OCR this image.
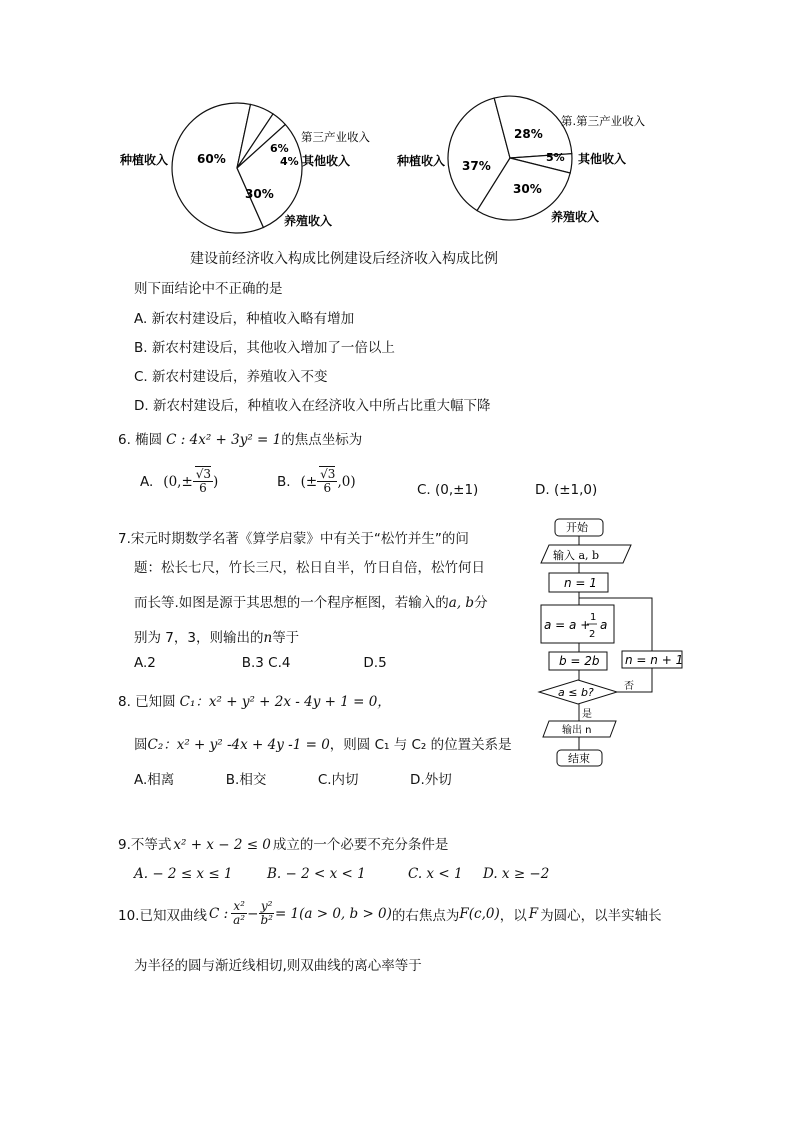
种植收入
第三产业收入
其他收入
养殖收入
60%
6%
4%
30%
种植收入
第.第三产业收入
其他收入
养殖收入
37%
28%
5%
30%
建设前经济收入构成比例建设后经济收入构成比例
则下面结论中不正确的是
A. 新农村建设后，种植收入略有增加
B. 新农村建设后，其他收入增加了一倍以上
C. 新农村建设后，养殖收入不变
D. 新农村建设后，种植收入在经济收入中所占比重大幅下降
6. 椭圆 C : 4x² + 3y² = 1的焦点坐标为
A. ($0,\pm \frac{√3}{6}$ )	B. (± $\frac{√3}{6} ,0$)
C. (0,±1)	D. (±1,0)
7.宋元时期数学名著《算学启蒙》中有关于“松竹并生”的问
题：松长七尺，竹长三尺，松日自半，竹日自倍，松竹何日
而长等.如图是源于其思想的一个程序框图，若输入的a, b分
别为 7，3，则输出的n等于
A.2                    B.3 C.4                 D.5
开始
输入 a, b
n = 1
a = a +
1
2
a
b = 2b n = n + 1
a ≤ b?	否
是
输出 n
结束
8. 已知圆 C₁：x² + y² + 2x - 4y + 1 = 0，
圆C₂：x² + y² -4x + 4y -1 = 0，则圆 C₁ 与 C₂ 的位置关系是
A.相离            B.相交            C.内切            D.外切
9.不等式 x² + x − 2 ≤ 0 成立的一个必要不充分条件是
A. − 2 ≤ x ≤ 1	B. − 2 < x < 1	C. x < 1 D. x ≥ −2
10.已知双曲线 C : $\frac{\text{x²}}{\text{a²}} - \frac{\text{y²}}{\text{b²}} = 1(a > 0$, b > 0) 的右焦点为 F(c,0) ，以 F 为圆心，以半实轴长
为半径的圆与渐近线相切,则双曲线的离心率等于
